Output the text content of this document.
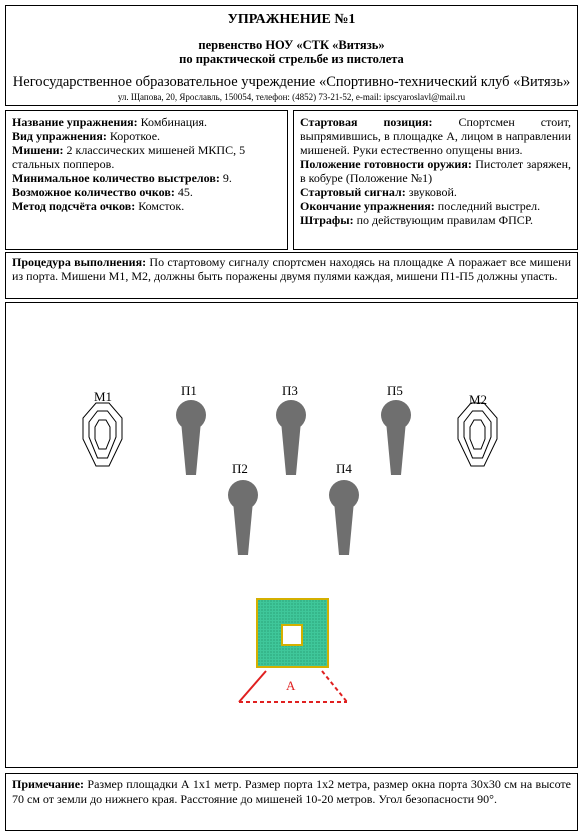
УПРАЖНЕНИЕ №1
первенство НОУ «СТК «Витязь»
по практической стрельбе из пистолета
Негосударственное образовательное учреждение «Спортивно-технический клуб «Витязь»
ул. Щапова, 20, Ярославль, 150054, телефон: (4852) 73-21-52, e-mail: ipscyaroslavl@mail.ru

Название упражнения: Комбинация.

Вид упражнения: Короткое.

Мишени: 2 классических мишеней МКПС, 5 стальных попперов.

Минимальное количество выстрелов: 9.

Возможное количество очков: 45.

Метод подсчёта очков: Комсток.

Стартовая позиция: Спортсмен стоит, выпрямившись, в площадке А, лицом в направлении мишеней. Руки естественно опущены вниз.

Положение готовности оружия: Пистолет заряжен, в кобуре (Положение №1)

Стартовый сигнал: звуковой.

Окончание упражнения: последний выстрел.

Штрафы: по действующим правилам ФПСР.

Процедура выполнения: По стартовому сигналу спортсмен находясь на площадке А поражает все мишени из порта. Мишени М1, М2, должны быть поражены двумя пулями каждая, мишени П1-П5 должны упасть.
М1	М2
П1	П3	П5
П2	П4
А
Примечание: Размер площадки А 1х1 метр. Размер порта 1х2 метра, размер окна порта 30х30 см на высоте 70 см от земли до нижнего края. Расстояние до мишеней 10-20 метров. Угол безопасности 90°.
